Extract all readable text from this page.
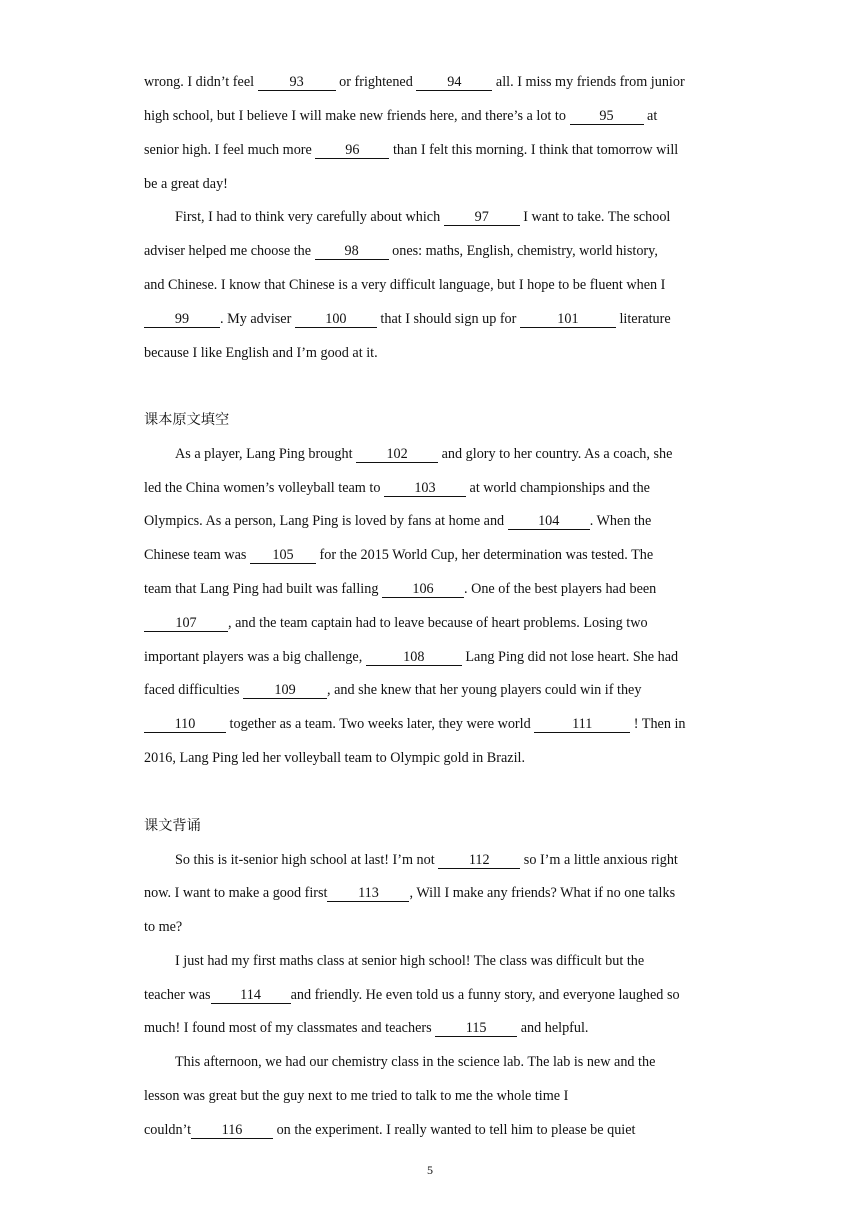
5
课本原文填空
课文背诵
wrong. I didn’t feel 93 or frightened 94 all. I miss my friends from junior
high school, but I believe I will make new friends here, and there’s a lot to 95 at
senior high. I feel much more 96 than I felt this morning. I think that tomorrow will
be a great day!
First, I had to think very carefully about which 97 I want to take. The school
adviser helped me choose the 98 ones: maths, English, chemistry, world history,
and Chinese. I know that Chinese is a very difficult language, but I hope to be fluent when I
99 . My adviser 100 that I should sign up for	101	literature
because I like English and I’m good at it.
As a player, Lang Ping brought 102 and glory to her country. As a coach, she
led the China women’s volleyball team to 103 at world championships and the
Olympics. As a person, Lang Ping is loved by fans at home and 104 . When the
Chinese team was 105 for the 2015 World Cup, her determination was tested. The
team that Lang Ping had built was falling 106 . One of the best players had been
107 , and the team captain had to leave because of heart problems. Losing two
important players was a big challenge,	108	Lang Ping did not lose heart. She had
faced difficulties 109 , and she knew that her young players could win if they
110 together as a team. Two weeks later, they were world	111	! Then in
2016, Lang Ping led her volleyball team to Olympic gold in Brazil.
So this is it-senior high school at last! I’m not 112 so I’m a little anxious right
now. I want to make a good first 113 , Will I make any friends? What if no one talks
to me?
I just had my first maths class at senior high school! The class was difficult but the
teacher was 114 and friendly. He even told us a funny story, and everyone laughed so
much! I found most of my classmates and teachers 115 and helpful.
This afternoon, we had our chemistry class in the science lab. The lab is new and the
lesson was great but the guy next to me tried to talk to me the whole time I
couldn’t 116 on the experiment. I really wanted to tell him to please be quiet
